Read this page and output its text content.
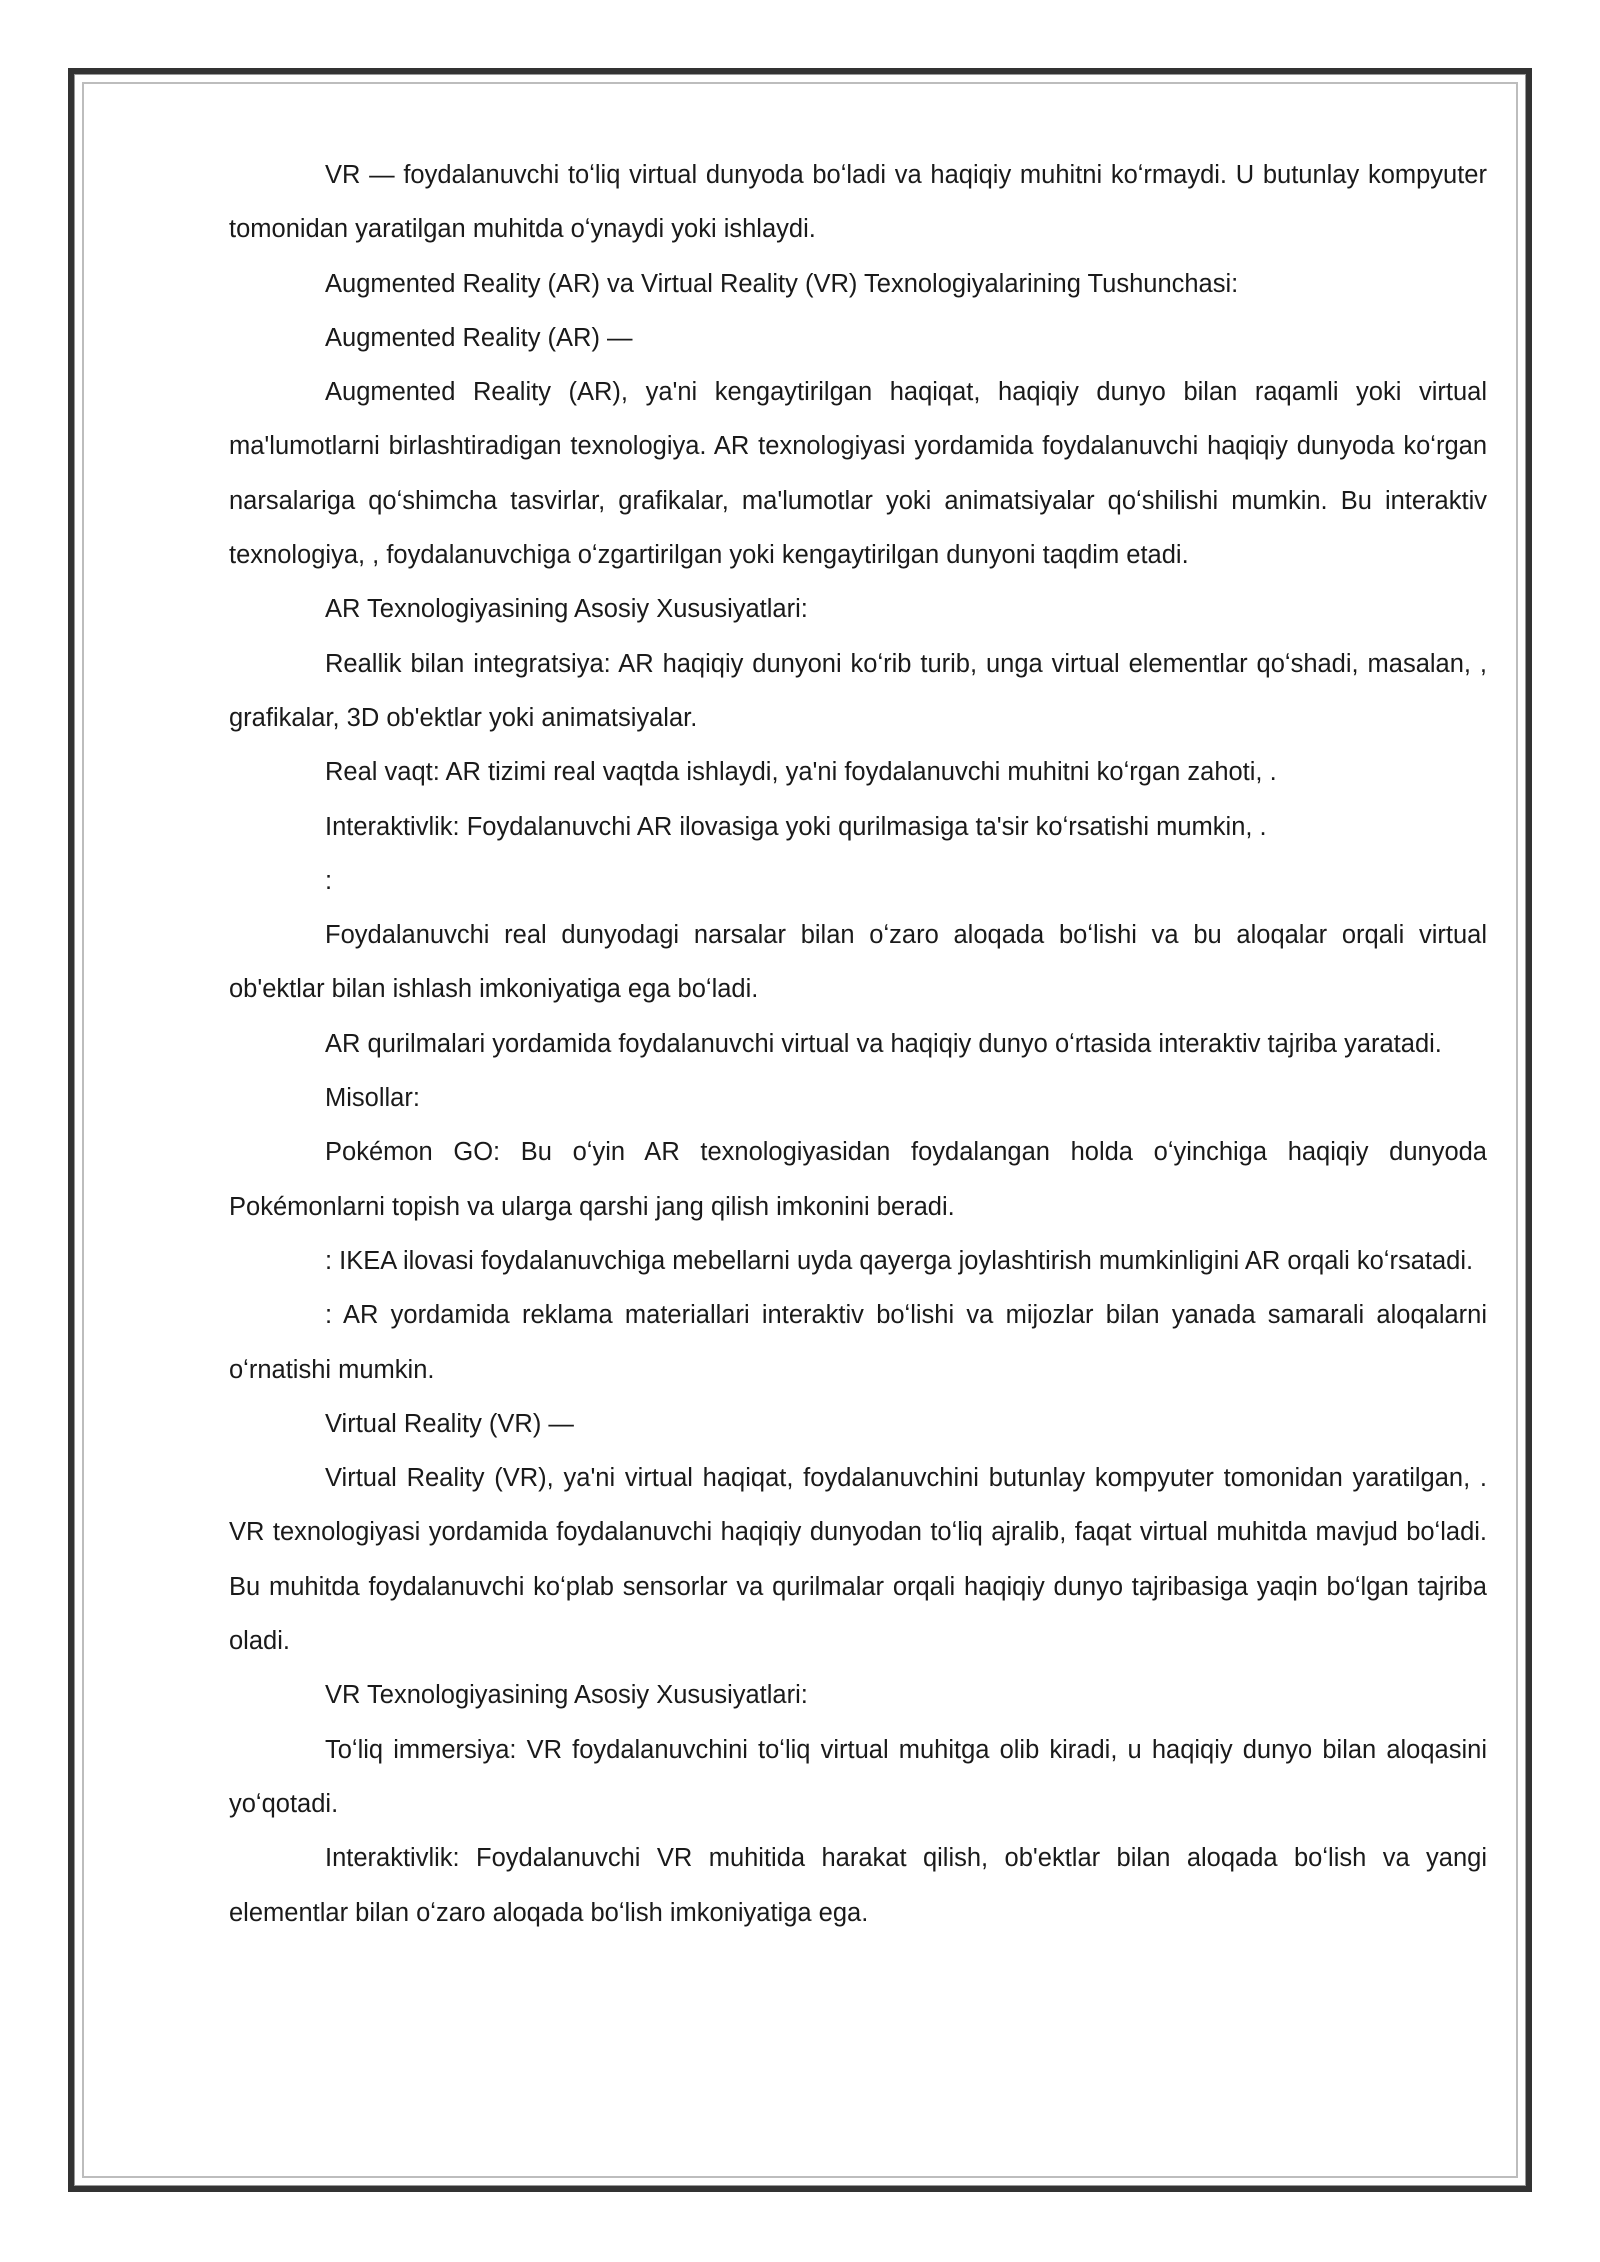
VR — foydalanuvchi toʻliq virtual dunyoda boʻladi va haqiqiy muhitni koʻrmaydi. U butunlay kompyuter tomonidan yaratilgan muhitda oʻynaydi yoki ishlaydi.

Augmented Reality (AR) va Virtual Reality (VR) Texnologiyalarining Tushunchasi:

Augmented Reality (AR) —

Augmented Reality (AR), ya'ni kengaytirilgan haqiqat, haqiqiy dunyo bilan raqamli yoki virtual ma'lumotlarni birlashtiradigan texnologiya. AR texnologiyasi yordamida foydalanuvchi haqiqiy dunyoda koʻrgan narsalariga qoʻshimcha tasvirlar, grafikalar, ma'lumotlar yoki animatsiyalar qoʻshilishi mumkin. Bu interaktiv texnologiya, , foydalanuvchiga oʻzgartirilgan yoki kengaytirilgan dunyoni taqdim etadi.

AR Texnologiyasining Asosiy Xususiyatlari:

Reallik bilan integratsiya: AR haqiqiy dunyoni koʻrib turib, unga virtual elementlar qoʻshadi, masalan, , grafikalar, 3D ob'ektlar yoki animatsiyalar.

Real vaqt: AR tizimi real vaqtda ishlaydi, ya'ni foydalanuvchi muhitni koʻrgan zahoti, .

Interaktivlik: Foydalanuvchi AR ilovasiga yoki qurilmasiga ta'sir koʻrsatishi mumkin, .

:

Foydalanuvchi real dunyodagi narsalar bilan oʻzaro aloqada boʻlishi va bu aloqalar orqali virtual ob'ektlar bilan ishlash imkoniyatiga ega boʻladi.

AR qurilmalari yordamida foydalanuvchi virtual va haqiqiy dunyo oʻrtasida interaktiv tajriba yaratadi.

Misollar:

Pokémon GO: Bu oʻyin AR texnologiyasidan foydalangan holda oʻyinchiga haqiqiy dunyoda Pokémonlarni topish va ularga qarshi jang qilish imkonini beradi.

: IKEA ilovasi foydalanuvchiga mebellarni uyda qayerga joylashtirish mumkinligini AR orqali koʻrsatadi.

: AR yordamida reklama materiallari interaktiv boʻlishi va mijozlar bilan yanada samarali aloqalarni oʻrnatishi mumkin.

Virtual Reality (VR) —

Virtual Reality (VR), ya'ni virtual haqiqat, foydalanuvchini butunlay kompyuter tomonidan yaratilgan, . VR texnologiyasi yordamida foydalanuvchi haqiqiy dunyodan toʻliq ajralib, faqat virtual muhitda mavjud boʻladi. Bu muhitda foydalanuvchi koʻplab sensorlar va qurilmalar orqali haqiqiy dunyo tajribasiga yaqin boʻlgan tajriba oladi.

VR Texnologiyasining Asosiy Xususiyatlari:

Toʻliq immersiya: VR foydalanuvchini toʻliq virtual muhitga olib kiradi, u haqiqiy dunyo bilan aloqasini yoʻqotadi.

Interaktivlik: Foydalanuvchi VR muhitida harakat qilish, ob'ektlar bilan aloqada boʻlish va yangi elementlar bilan oʻzaro aloqada boʻlish imkoniyatiga ega.
